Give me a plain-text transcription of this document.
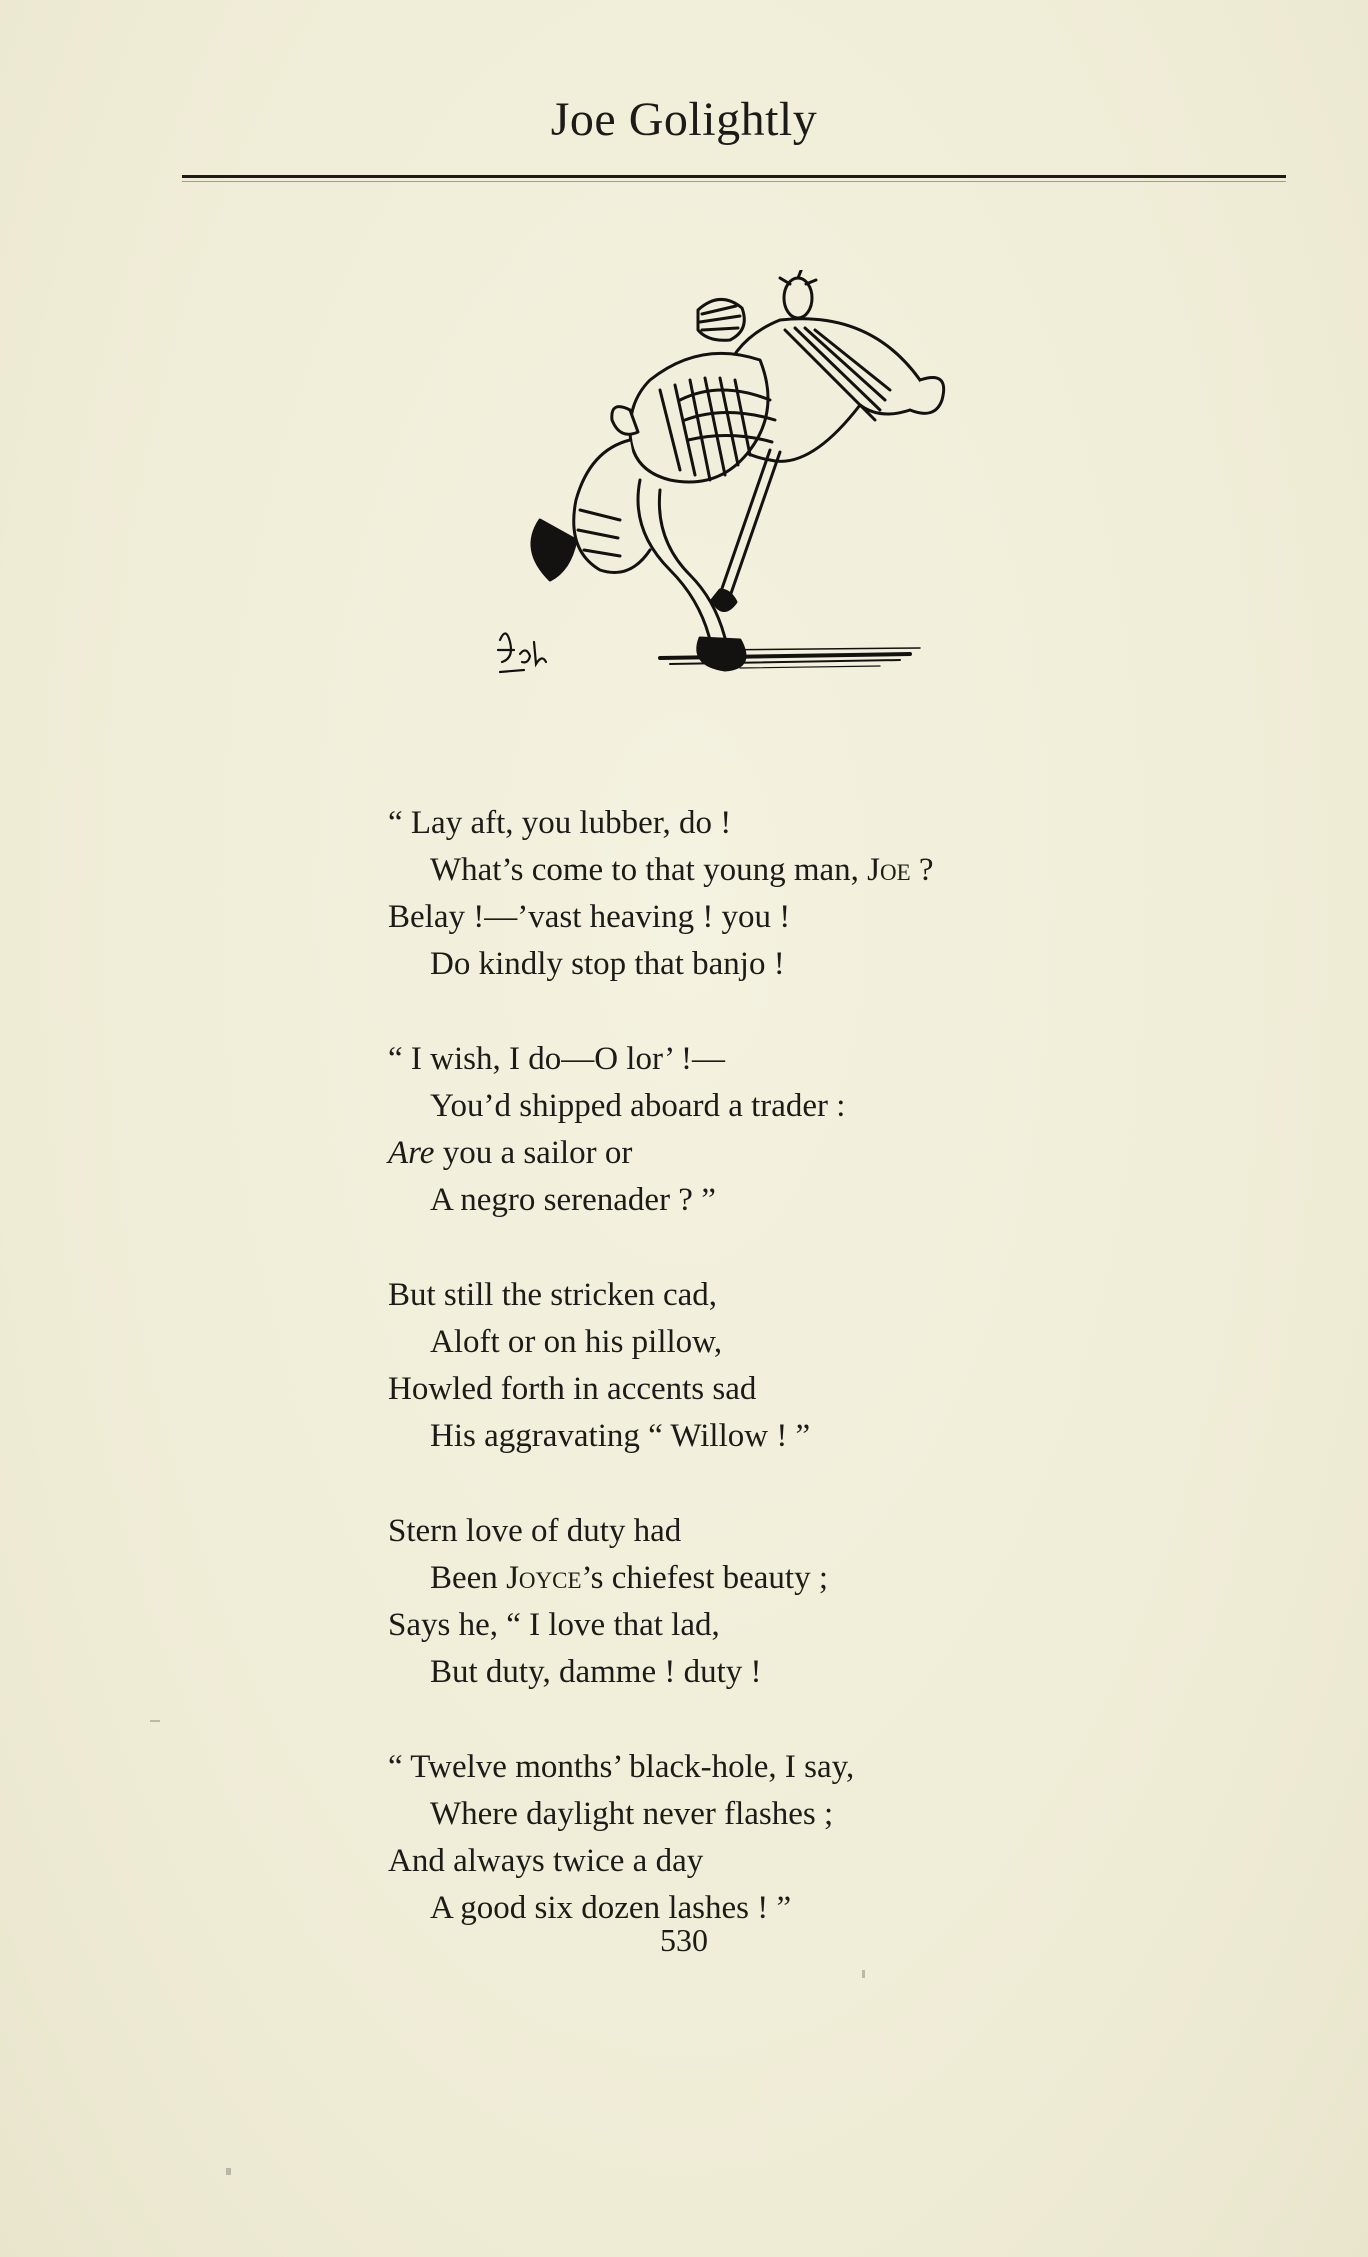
Joe Golightly
“ Lay aft, you lubber, do !
What’s come to that young man, Joe ?
Belay !—’vast heaving ! you !
Do kindly stop that banjo !
“ I wish, I do—O lor’ !—
You’d shipped aboard a trader :
Are you a sailor or
A negro serenader ? ”
But still the stricken cad,
Aloft or on his pillow,
Howled forth in accents sad
His aggravating “ Willow ! ”
Stern love of duty had
Been Joyce’s chiefest beauty ;
Says he, “ I love that lad,
But duty, damme ! duty !
“ Twelve months’ black-hole, I say,
Where daylight never flashes ;
And always twice a day
A good six dozen lashes ! ”
530
